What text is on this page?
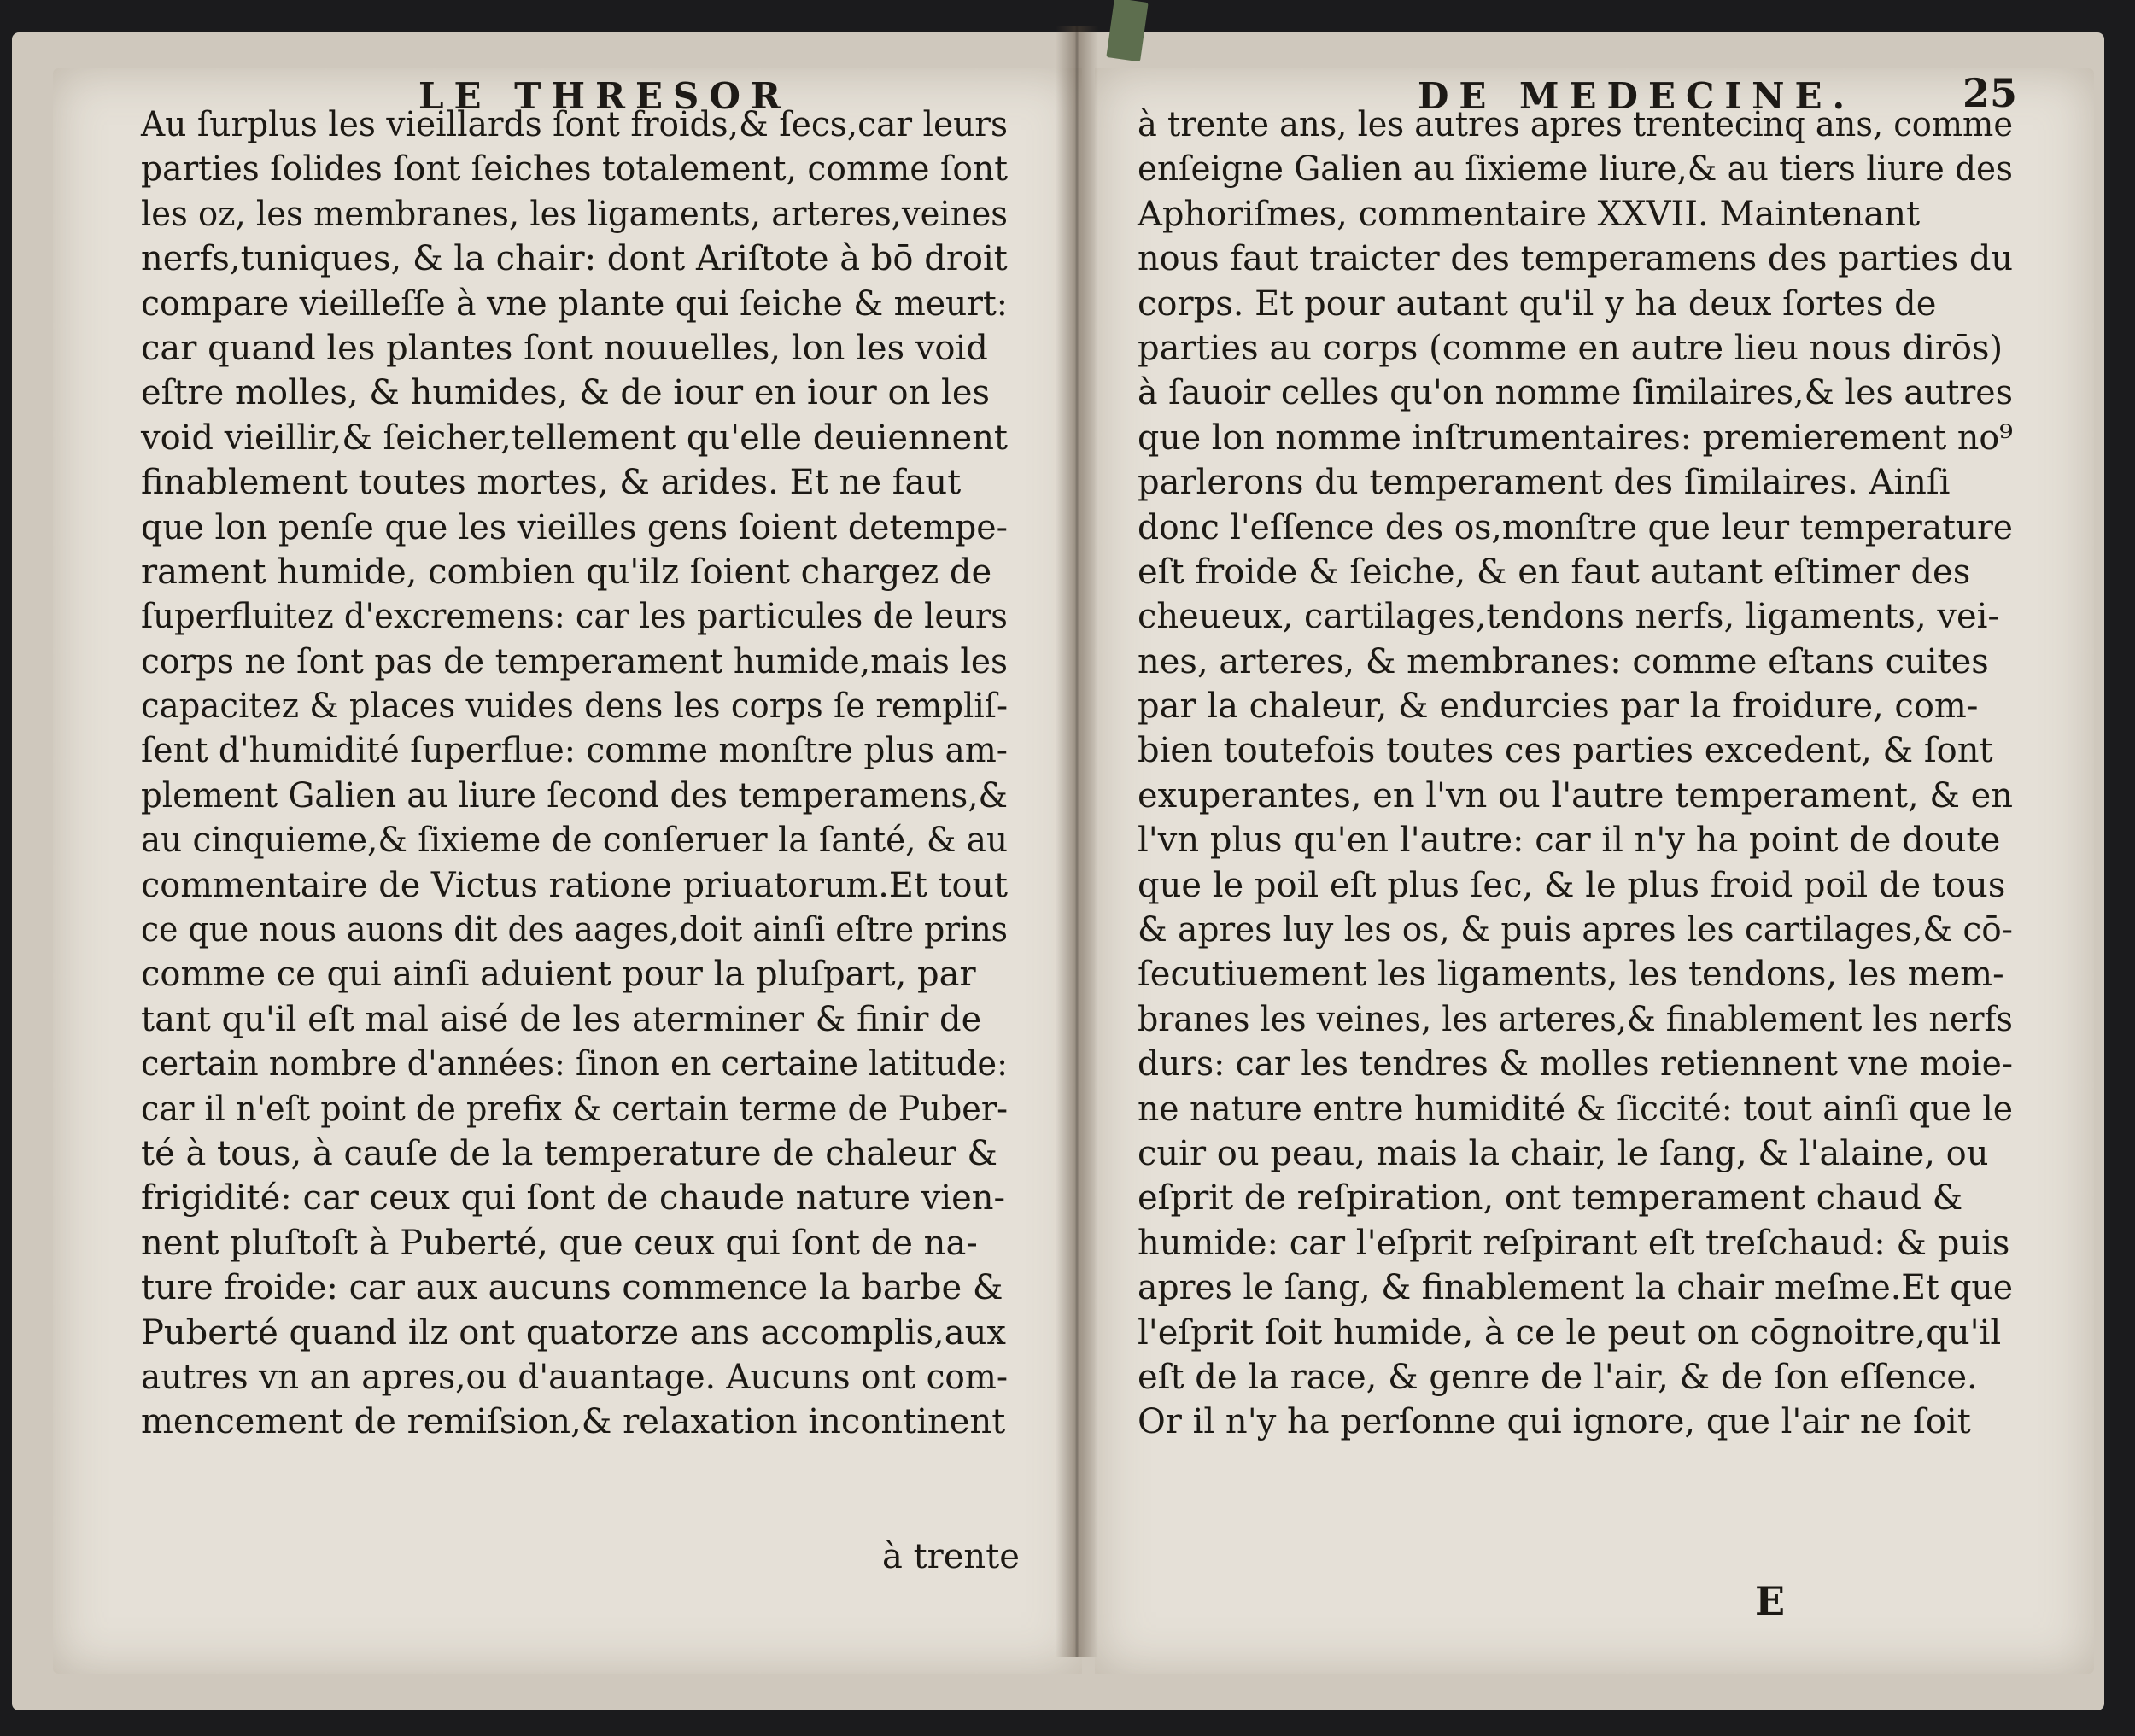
LE THRESOR	DE MEDECINE.	25
Au ſurplus les vieillards ſont froids,& ſecs,car leurs
parties ſolides ſont ſeiches totalement, comme ſont
les oz, les membranes, les ligaments, arteres,veines
nerfs,tuniques, & la chair: dont Ariſtote à bō droit
compare vieilleſſe à vne plante qui ſeiche & meurt:
car quand les plantes ſont nouuelles, lon les void
eſtre molles, & humides, & de iour en iour on les
void vieillir,& ſeicher,tellement qu'elle deuiennent
finablement toutes mortes, & arides. Et ne faut
que lon penſe que les vieilles gens ſoient detempe-
rament humide, combien qu'ilz ſoient chargez de
ſuperfluitez d'excremens: car les particules de leurs
corps ne ſont pas de temperament humide,mais les
capacitez & places vuides dens les corps ſe rempliſ-
ſent d'humidité ſuperflue: comme monſtre plus am-
plement Galien au liure ſecond des temperamens,&
au cinquieme,& ſixieme de conſeruer la ſanté, & au
commentaire de Victus ratione priuatorum.Et tout
ce que nous auons dit des aages,doit ainſi eſtre prins
comme ce qui ainſi aduient pour la pluſpart, par
tant qu'il eſt mal aisé de les aterminer & finir de
certain nombre d'années: ſinon en certaine latitude:
car il n'eſt point de prefix & certain terme de Puber-
té à tous, à cauſe de la temperature de chaleur &
frigidité: car ceux qui ſont de chaude nature vien-
nent pluſtoſt à Puberté, que ceux qui ſont de na-
ture froide: car aux aucuns commence la barbe &
Puberté quand ilz ont quatorze ans accomplis,aux
autres vn an apres,ou d'auantage. Aucuns ont com-
mencement de remiſsion,& relaxation incontinent
à trente
à trente ans, les autres apres trentecinq ans, comme
enſeigne Galien au ſixieme liure,& au tiers liure des
Aphoriſmes, commentaire XXVII. Maintenant
nous faut traicter des temperamens des parties du
corps. Et pour autant qu'il y ha deux ſortes de
parties au corps (comme en autre lieu nous dirōs)
à ſauoir celles qu'on nomme ſimilaires,& les autres
que lon nomme inſtrumentaires: premierement no⁹
parlerons du temperament des ſimilaires. Ainſi
donc l'eſſence des os,monſtre que leur temperature
eſt froide & ſeiche, & en faut autant eſtimer des
cheueux, cartilages,tendons nerfs, ligaments, vei-
nes, arteres, & membranes: comme eſtans cuites
par la chaleur, & endurcies par la froidure, com-
bien toutefois toutes ces parties excedent, & ſont
exuperantes, en l'vn ou l'autre temperament, & en
l'vn plus qu'en l'autre: car il n'y ha point de doute
que le poil eſt plus ſec, & le plus froid poil de tous
& apres luy les os, & puis apres les cartilages,& cō-
ſecutiuement les ligaments, les tendons, les mem-
branes les veines, les arteres,& finablement les nerfs
durs: car les tendres & molles retiennent vne moie-
ne nature entre humidité & ſiccité: tout ainſi que le
cuir ou peau, mais la chair, le ſang, & l'alaine, ou
eſprit de reſpiration, ont temperament chaud &
humide: car l'eſprit reſpirant eſt treſchaud: & puis
apres le ſang, & finablement la chair meſme.Et que
l'eſprit ſoit humide, à ce le peut on cōgnoitre,qu'il
eſt de la race, & genre de l'air, & de ſon eſſence.
Or il n'y ha perſonne qui ignore, que l'air ne ſoit
E
